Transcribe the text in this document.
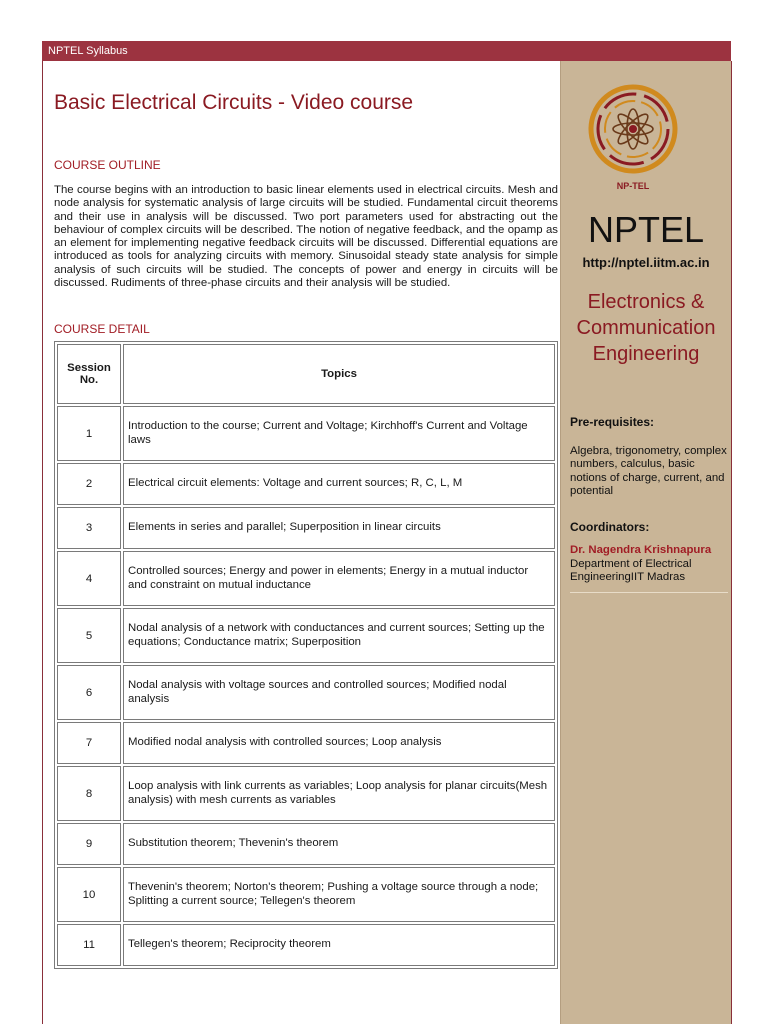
NPTEL Syllabus
Basic Electrical Circuits - Video course
COURSE OUTLINE
The course begins with an introduction to basic linear elements used in electrical circuits. Mesh and node analysis for systematic analysis of large circuits will be studied. Fundamental circuit theorems and their use in analysis will be discussed. Two port parameters used for abstracting out the behaviour of complex circuits will be described. The notion of negative feedback, and the opamp as an element for implementing negative feedback circuits will be discussed. Differential equations are introduced as tools for analyzing circuits with memory. Sinusoidal steady state analysis for simple analysis of such circuits will be studied. The concepts of power and energy in circuits will be discussed. Rudiments of three-phase circuits and their analysis will be studied.
COURSE DETAIL
Session No.	Topics
1	Introduction to the course; Current and Voltage; Kirchhoff's Current and Voltage laws
2	Electrical circuit elements: Voltage and current sources; R, C, L, M
3	Elements in series and parallel; Superposition in linear circuits
4	Controlled sources; Energy and power in elements; Energy in a mutual inductor and constraint on mutual inductance
5	Nodal analysis of a network with conductances and current sources; Setting up the equations; Conductance matrix; Superposition
6	Nodal analysis with voltage sources and controlled sources; Modified nodal analysis
7	Modified nodal analysis with controlled sources; Loop analysis
8	Loop analysis with link currents as variables; Loop analysis for planar circuits(Mesh analysis) with mesh currents as variables
9	Substitution theorem; Thevenin's theorem
10	Thevenin's theorem; Norton's theorem; Pushing a voltage source through a node; Splitting a current source; Tellegen's theorem
11	Tellegen's theorem; Reciprocity theorem
NP-TEL
NPTEL
http://nptel.iitm.ac.in
Electronics &
Communication
Engineering
Pre-requisites:
Algebra, trigonometry, complex numbers, calculus, basic notions of charge, current, and potential
Coordinators:
Dr. Nagendra Krishnapura
Department of Electrical EngineeringIIT Madras
